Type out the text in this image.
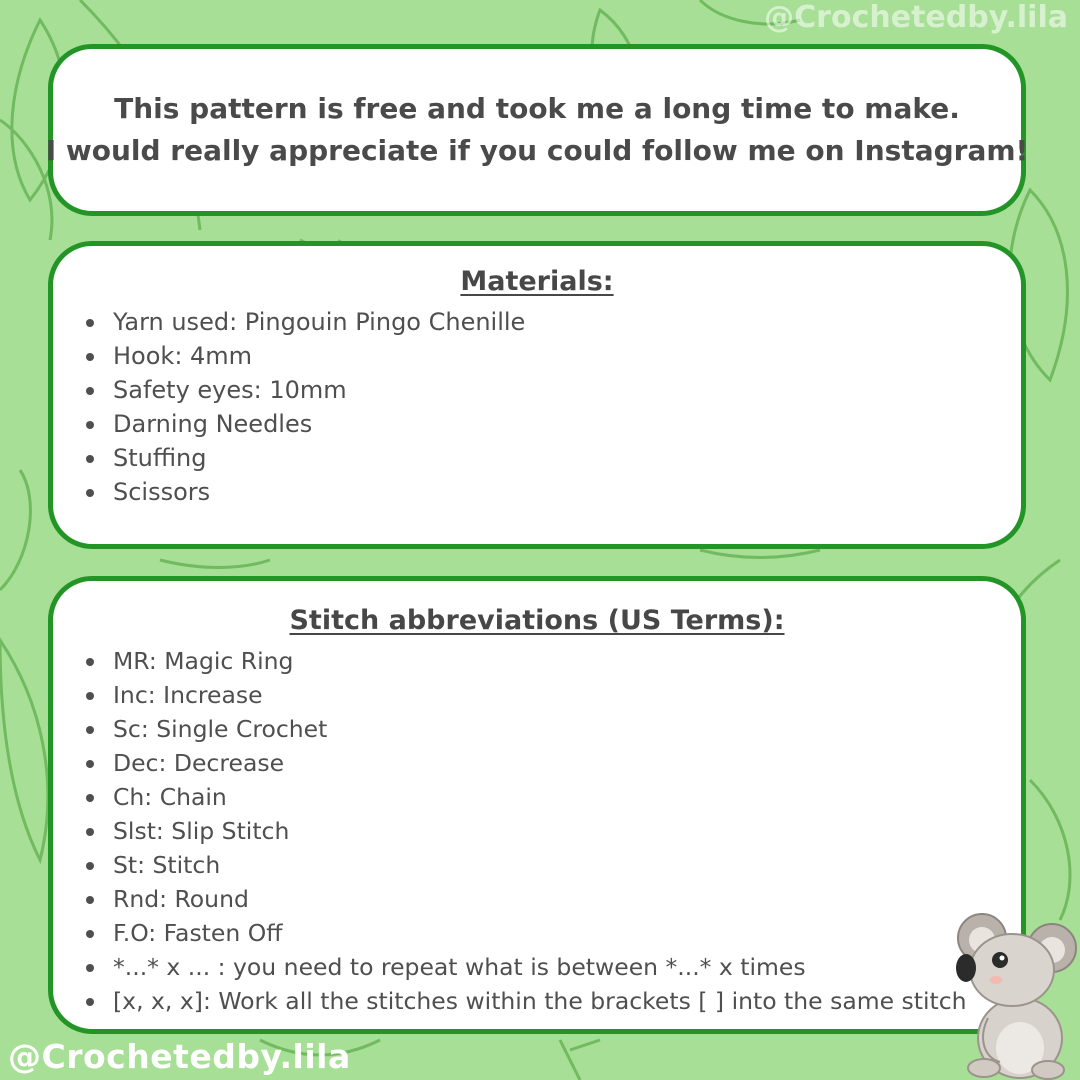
@Crochetedby.lila
This pattern is free and took me a long time to make.
I would really appreciate if you could follow me on Instagram!
Materials:
Yarn used: Pingouin Pingo Chenille
Hook: 4mm
Safety eyes: 10mm
Darning Needles
Stuffing
Scissors
Stitch abbreviations (US Terms):
MR: Magic Ring
Inc: Increase
Sc: Single Crochet
Dec: Decrease
Ch: Chain
Slst: Slip Stitch
St: Stitch
Rnd: Round
F.O: Fasten Off
*...* x ... : you need to repeat what is between *...* x times
[x, x, x]: Work all the stitches within the brackets [ ] into the same stitch
@Crochetedby.lila
